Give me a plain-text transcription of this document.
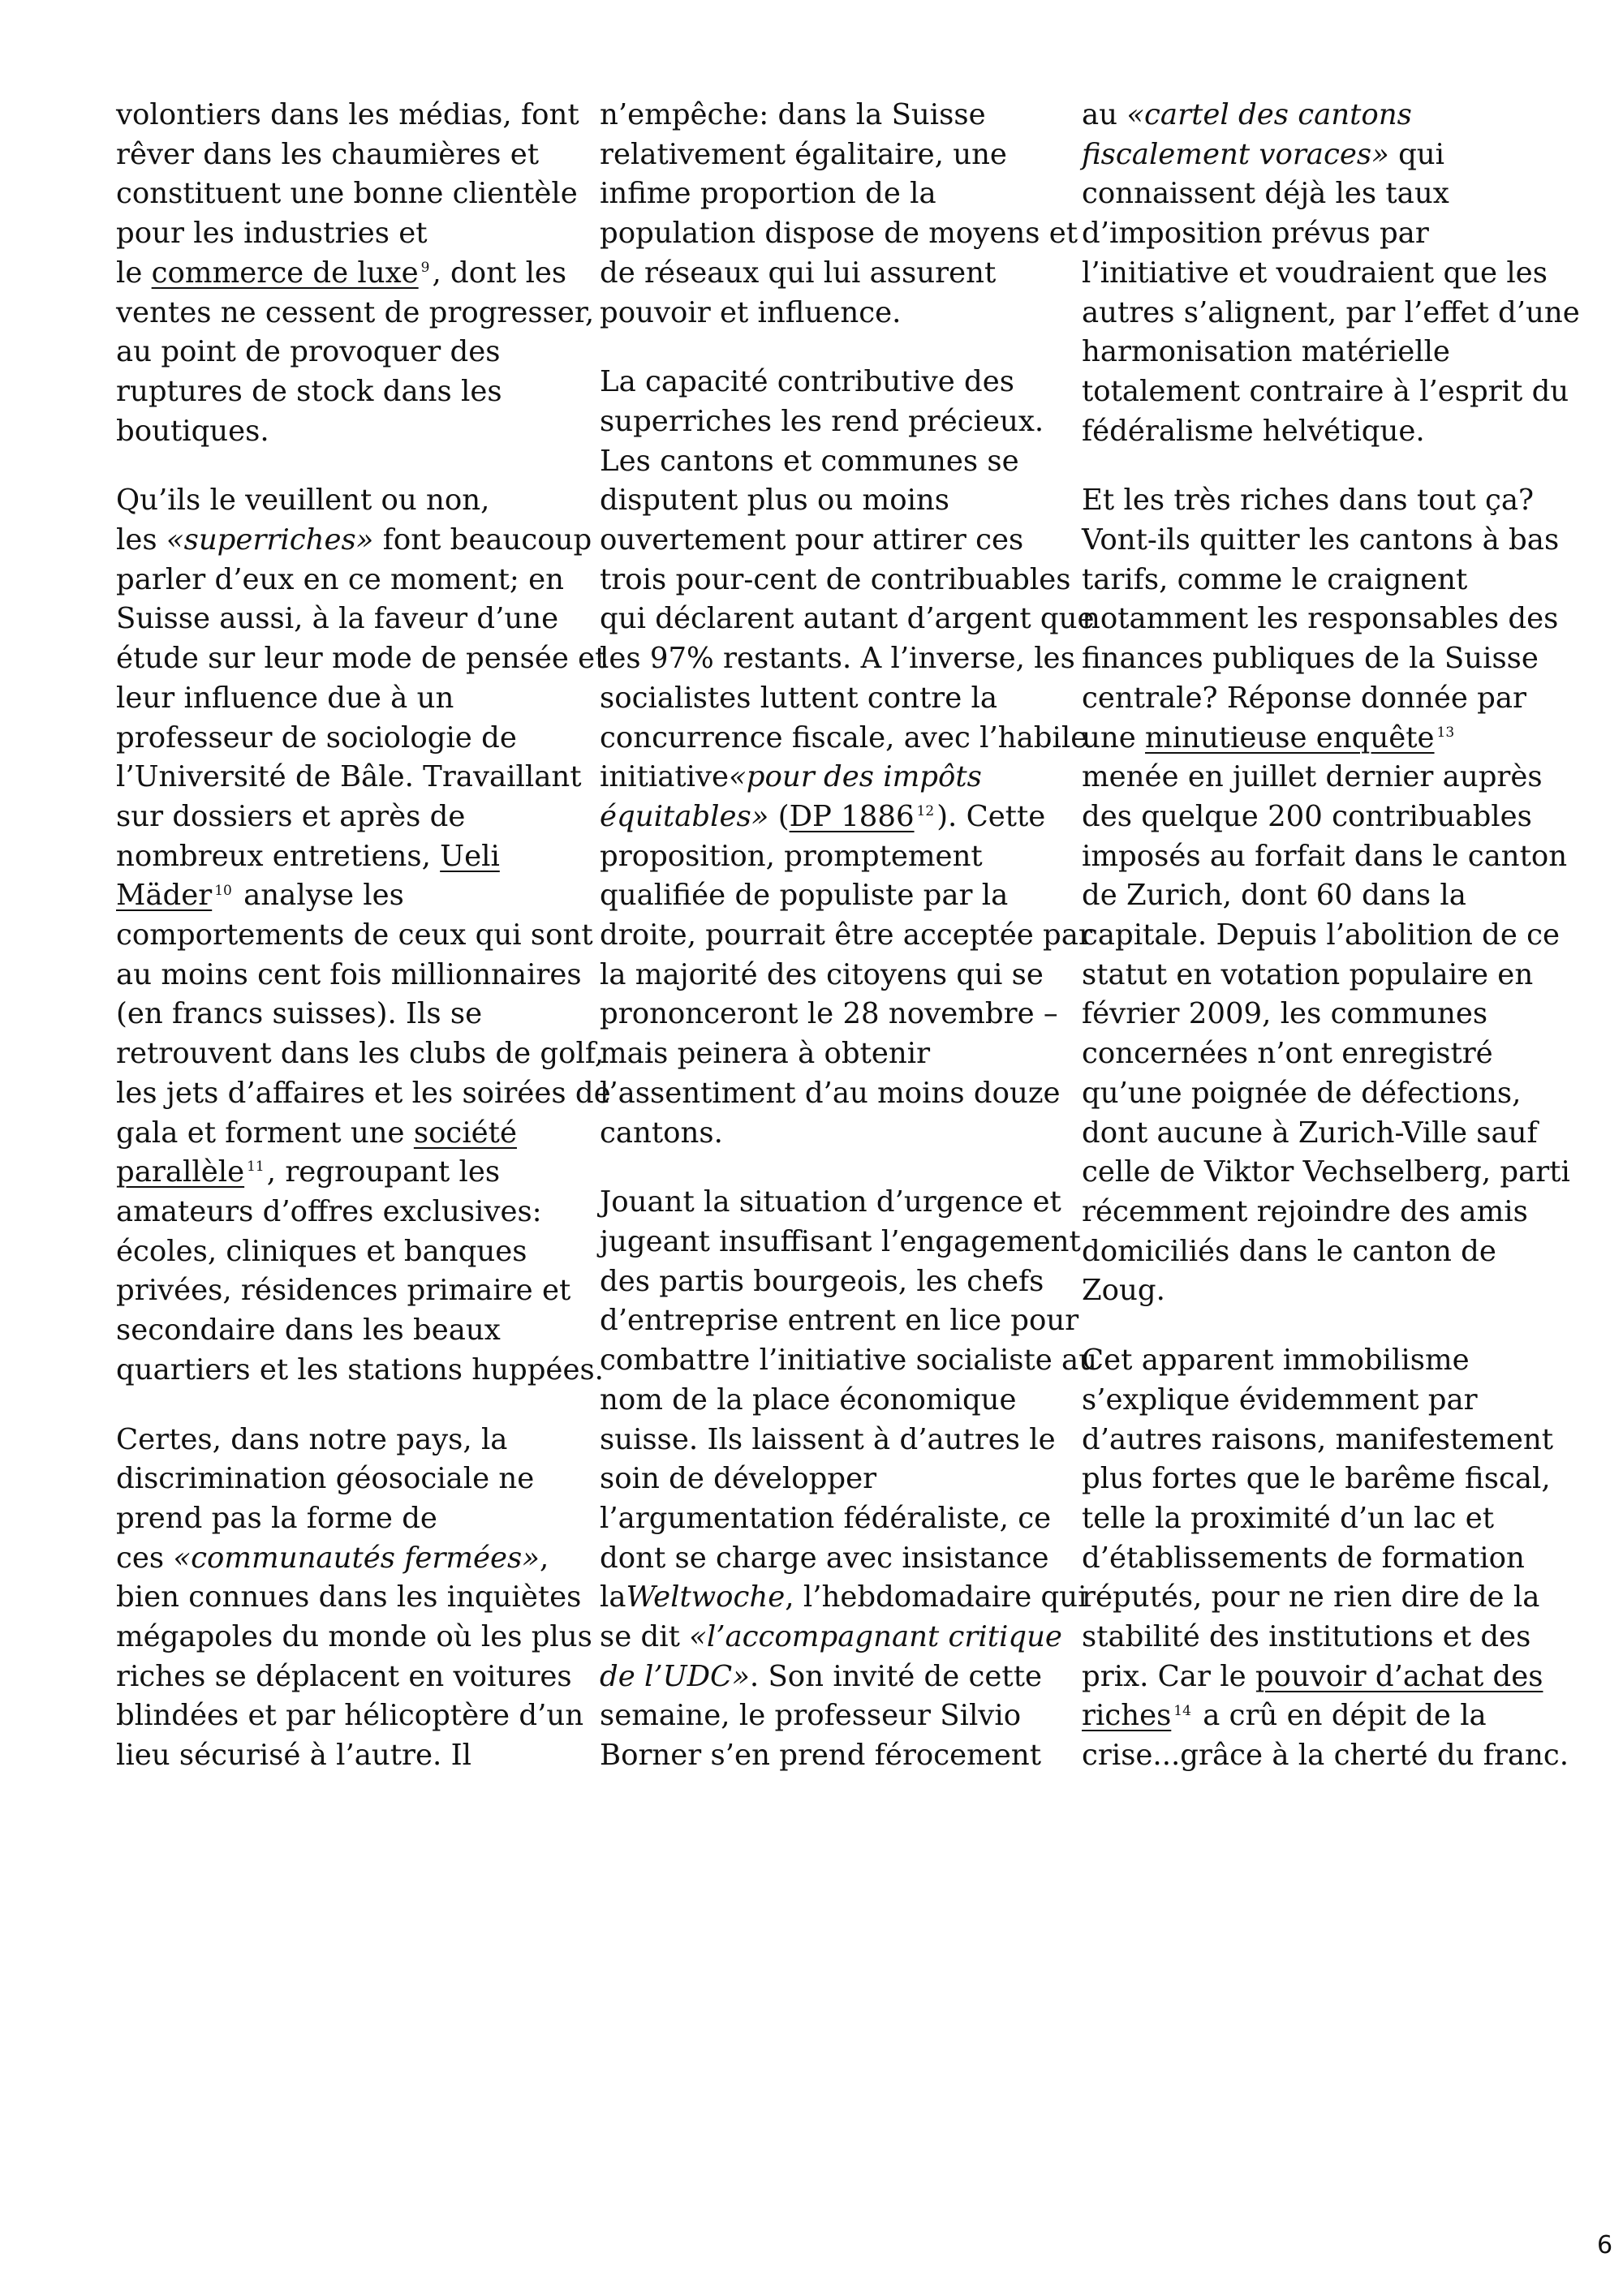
volontiers dans les médias, font
rêver dans les chaumières et
constituent une bonne clientèle
pour les industries et
le commerce de luxe $^9$, dont les
ventes ne cessent de progresser,
au point de provoquer des
ruptures de stock dans les
boutiques.

Qu’ils le veuillent ou non,
les «superriches» font beaucoup
parler d’eux en ce moment; en
Suisse aussi, à la faveur d’une
étude sur leur mode de pensée et
leur influence due à un
professeur de sociologie de
l’Université de Bâle. Travaillant
sur dossiers et après de
nombreux entretiens, Ueli
Mäder $^{10}$ analyse les
comportements de ceux qui sont
au moins cent fois millionnaires
(en francs suisses). Ils se
retrouvent dans les clubs de golf,
les jets d’affaires et les soirées de
gala et forment une société
parallèle $^{11}$, regroupant les
amateurs d’offres exclusives:
écoles, cliniques et banques
privées, résidences primaire et
secondaire dans les beaux
quartiers et les stations huppées.

Certes, dans notre pays, la
discrimination géosociale ne
prend pas la forme de
ces «communautés fermées»,
bien connues dans les inquiètes
mégapoles du monde où les plus
riches se déplacent en voitures
blindées et par hélicoptère d’un
lieu sécurisé à l’autre. Il

n’empêche: dans la Suisse
relativement égalitaire, une
infime proportion de la
population dispose de moyens et
de réseaux qui lui assurent
pouvoir et influence.

La capacité contributive des
superriches les rend précieux.
Les cantons et communes se
disputent plus ou moins
ouvertement pour attirer ces
trois pour-cent de contribuables
qui déclarent autant d’argent que
les 97% restants. A l’inverse, les
socialistes luttent contre la
concurrence fiscale, avec l’habile
initiative«pour des impôts
équitables» (DP 1886 $^{12}$). Cette
proposition, promptement
qualifiée de populiste par la
droite, pourrait être acceptée par
la majorité des citoyens qui se
prononceront le 28 novembre –
mais peinera à obtenir
l’assentiment d’au moins douze
cantons.

Jouant la situation d’urgence et
jugeant insuffisant l’engagement
des partis bourgeois, les chefs
d’entreprise entrent en lice pour
combattre l’initiative socialiste au
nom de la place économique
suisse. Ils laissent à d’autres le
soin de développer
l’argumentation fédéraliste, ce
dont se charge avec insistance
laWeltwoche, l’hebdomadaire qui
se dit «l’accompagnant critique
de l’UDC». Son invité de cette
semaine, le professeur Silvio
Borner s’en prend férocement

au «cartel des cantons
fiscalement voraces» qui
connaissent déjà les taux
d’imposition prévus par
l’initiative et voudraient que les
autres s’alignent, par l’effet d’une
harmonisation matérielle
totalement contraire à l’esprit du
fédéralisme helvétique.

Et les très riches dans tout ça?
Vont-ils quitter les cantons à bas
tarifs, comme le craignent
notamment les responsables des
finances publiques de la Suisse
centrale? Réponse donnée par
une minutieuse enquête $^{13}$
menée en juillet dernier auprès
des quelque 200 contribuables
imposés au forfait dans le canton
de Zurich, dont 60 dans la
capitale. Depuis l’abolition de ce
statut en votation populaire en
février 2009, les communes
concernées n’ont enregistré
qu’une poignée de défections,
dont aucune à Zurich-Ville sauf
celle de Viktor Vechselberg, parti
récemment rejoindre des amis
domiciliés dans le canton de
Zoug.

Cet apparent immobilisme
s’explique évidemment par
d’autres raisons, manifestement
plus fortes que le barême fiscal,
telle la proximité d’un lac et
d’établissements de formation
réputés, pour ne rien dire de la
stabilité des institutions et des
prix. Car le pouvoir d’achat des
riches $^{14}$ a crû en dépit de la
crise...grâce à la cherté du franc.

6
